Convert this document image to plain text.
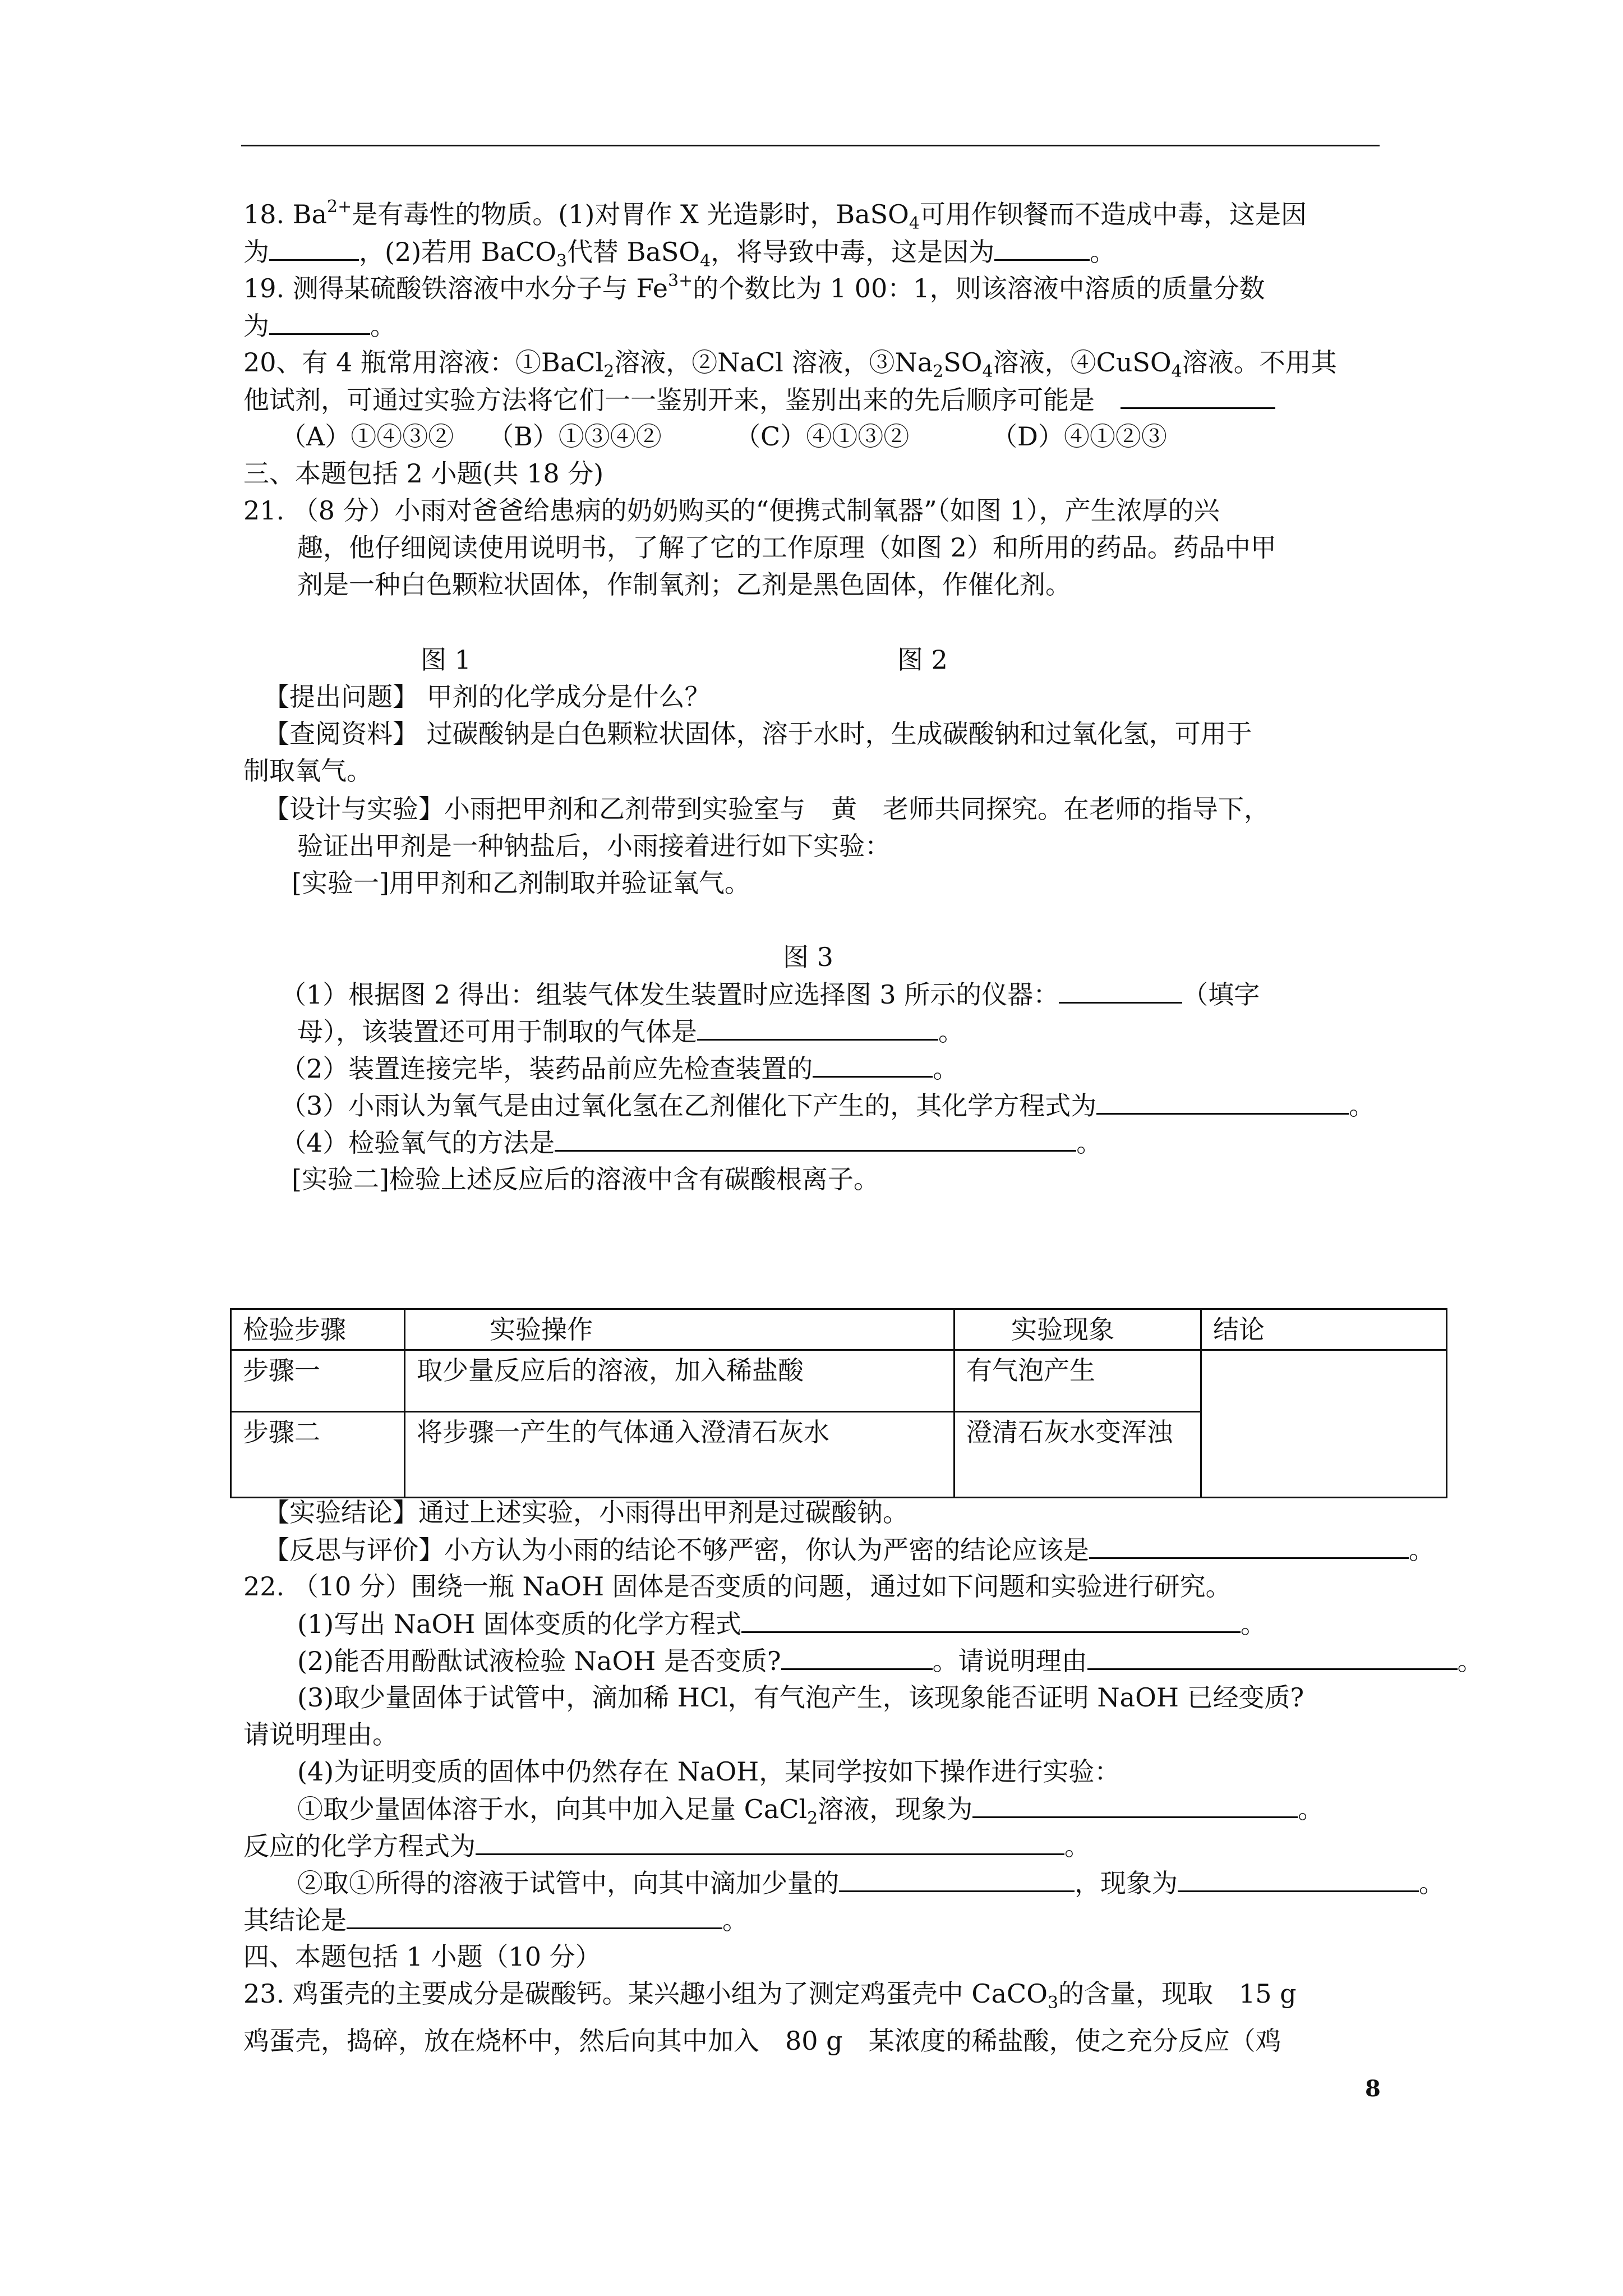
18. $Ba^{2+}$是有毒性的物质。(1)对胃作 X 光造影时，BaSO$_4$可用作钡餐而不造成中毒，这是因
为	，(2)若用 BaCO$_3$代替 BaSO$_4$，将导致中毒，这是因为	。
19. 测得某硫酸铁溶液中水分子与 $Fe^{3+}$的个数比为 1 00：1，则该溶液中溶质的质量分数
为	。
20、有 4 瓶常用溶液：①BaCl$_2$溶液，②NaCl 溶液，$③Na_2SO_4$溶液，④CuSO$_4$溶液。不用其
他试剂，可通过实验方法将它们一一鉴别开来，鉴别出来的先后顺序可能是
（A）①④③② （B）①③④②	（C）④①③②	（D）④①②③
三、本题包括 2 小题(共 18 分)
21. （8 分）小雨对爸爸给患病的奶奶购买的“便携式制氧器”（如图 1），产生浓厚的兴
趣，他仔细阅读使用说明书，了解了它的工作原理（如图 2）和所用的药品。药品中甲
剂是一种白色颗粒状固体，作制氧剂；乙剂是黑色固体，作催化剂。
图 1	图 2
【提出问题】 甲剂的化学成分是什么？
【查阅资料】 过碳酸钠是白色颗粒状固体，溶于水时，生成碳酸钠和过氧化氢，可用于
制取氧气。
【设计与实验】小雨把甲剂和乙剂带到实验室与　黄　老师共同探究。在老师的指导下，
验证出甲剂是一种钠盐后，小雨接着进行如下实验：
[实验一]用甲剂和乙剂制取并验证氧气。
图 3
（1）根据图 2 得出：组装气体发生装置时应选择图 3 所示的仪器：	（填字
母），该装置还可用于制取的气体是	。
（2）装置连接完毕，装药品前应先检查装置的	。
（3）小雨认为氧气是由过氧化氢在乙剂催化下产生的，其化学方程式为	。
（4）检验氧气的方法是	。
[实验二]检验上述反应后的溶液中含有碳酸根离子。
检验步骤	实验操作	实验现象	结论
步骤一	取少量反应后的溶液，加入稀盐酸	有气泡产生	
步骤二	将步骤一产生的气体通入澄清石灰水	澄清石灰水变浑浊	
【实验结论】通过上述实验，小雨得出甲剂是过碳酸钠。
【反思与评价】小方认为小雨的结论不够严密，你认为严密的结论应该是	。
22. （10 分）围绕一瓶 NaOH 固体是否变质的问题，通过如下问题和实验进行研究。
(1)写出 NaOH 固体变质的化学方程式	。
(2)能否用酚酞试液检验 NaOH 是否变质?	。请说明理由	。
(3)取少量固体于试管中，滴加稀 HCl，有气泡产生，该现象能否证明 NaOH 已经变质?
请说明理由。
(4)为证明变质的固体中仍然存在 NaOH，某同学按如下操作进行实验：
①取少量固体溶于水，向其中加入足量 CaCl$_2$溶液，现象为	。
反应的化学方程式为	。
②取①所得的溶液于试管中，向其中滴加少量的	，现象为	。
其结论是	。
四、本题包括 1 小题（10 分）
23. 鸡蛋壳的主要成分是碳酸钙。某兴趣小组为了测定鸡蛋壳中 CaCO$_3$的含量，现取　15 g
鸡蛋壳，捣碎，放在烧杯中，然后向其中加入　80 g　某浓度的稀盐酸，使之充分反应（鸡
8
